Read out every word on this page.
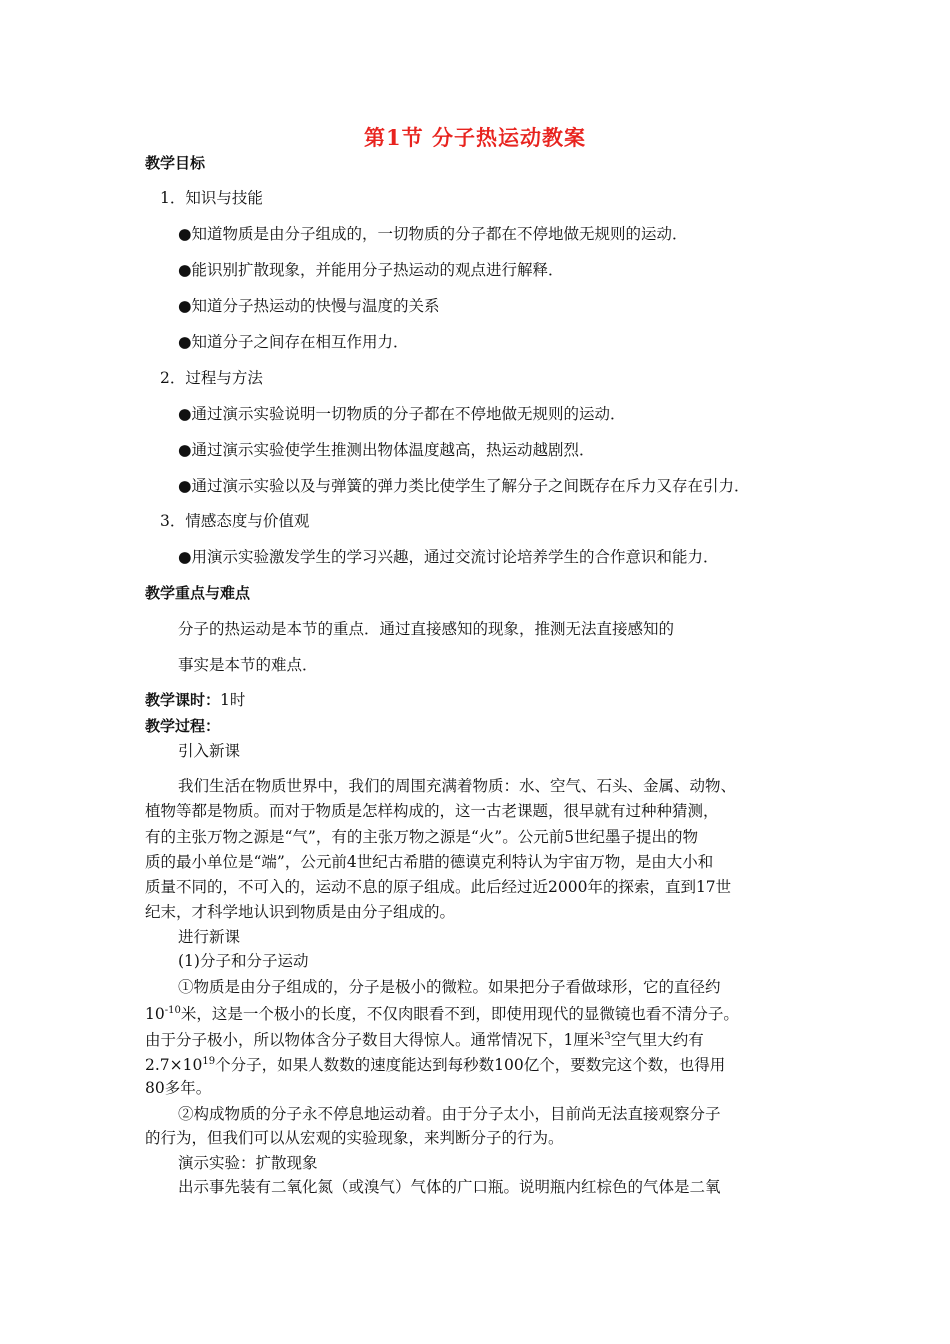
第1节 分子热运动教案
教学目标
1．知识与技能
●知道物质是由分子组成的，一切物质的分子都在不停地做无规则的运动．
●能识别扩散现象，并能用分子热运动的观点进行解释．
●知道分子热运动的快慢与温度的关系
●知道分子之间存在相互作用力．
2．过程与方法
●通过演示实验说明一切物质的分子都在不停地做无规则的运动．
●通过演示实验使学生推测出物体温度越高，热运动越剧烈．
●通过演示实验以及与弹簧的弹力类比使学生了解分子之间既存在斥力又存在引力．
3．情感态度与价值观
●用演示实验激发学生的学习兴趣，通过交流讨论培养学生的合作意识和能力．
教学重点与难点
分子的热运动是本节的重点．通过直接感知的现象，推测无法直接感知的
事实是本节的难点．
教学课时：1时
教学过程：
引入新课
我们生活在物质世界中，我们的周围充满着物质：水、空气、石头、金属、动物、
植物等都是物质。而对于物质是怎样构成的，这一古老课题，很早就有过种种猜测，
有的主张万物之源是“气”，有的主张万物之源是“火”。公元前5世纪墨子提出的物
质的最小单位是“端”，公元前4世纪古希腊的德谟克利特认为宇宙万物，是由大小和
质量不同的，不可入的，运动不息的原子组成。此后经过近2000年的探索，直到17世
纪末，才科学地认识到物质是由分子组成的。
进行新课
(1)分子和分子运动
①物质是由分子组成的，分子是极小的微粒。如果把分子看做球形，它的直径约
$10^{-10}$米，这是一个极小的长度，不仅肉眼看不到，即使用现代的显微镜也看不清分子。
由于分子极小，所以物体含分子数目大得惊人。通常情况下，1厘米$^3$空气里大约有
$2.7\times 10^{19}$个分子，如果人数数的速度能达到每秒数100亿个，要数完这个数，也得用
80多年。
②构成物质的分子永不停息地运动着。由于分子太小，目前尚无法直接观察分子
的行为，但我们可以从宏观的实验现象，来判断分子的行为。
演示实验：扩散现象
出示事先装有二氧化氮（或溴气）气体的广口瓶。说明瓶内红棕色的气体是二氧
